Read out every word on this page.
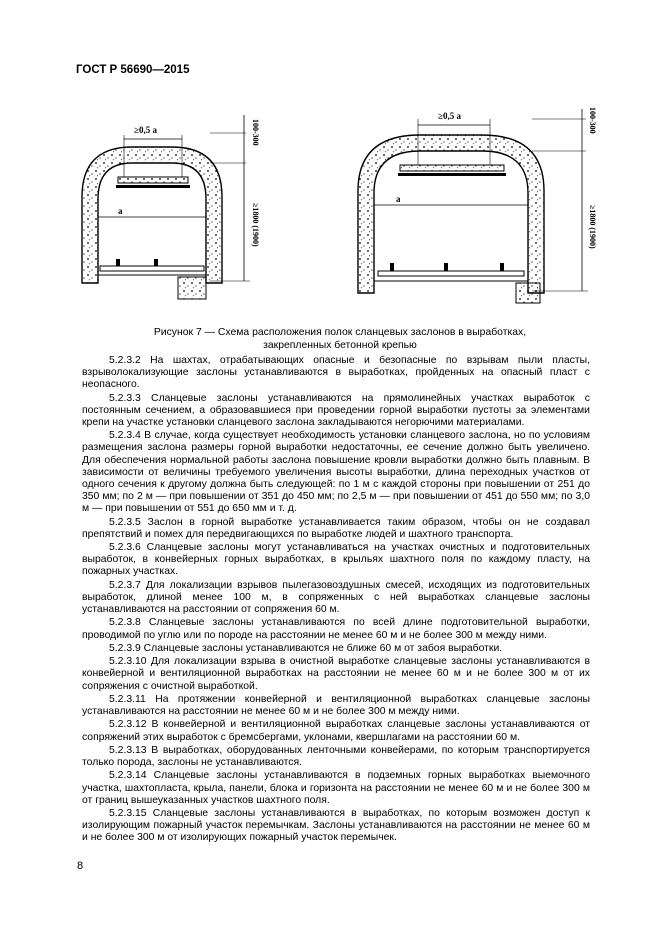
ГОСТ Р 56690—2015
≥0,5 а
а
100-300
≥1800 (1900)
≥0,5 а
а
100-300
≥1800 (1900)
Рисунок 7 — Схема расположения полок сланцевых заслонов в выработках,
закрепленных бетонной крепью

5.2.3.2 На шахтах, отрабатывающих опасные и безопасные по взрывам пыли пласты, взрыволокализующие заслоны устанавливаются в выработках, пройденных на опасный пласт с неопасного.

5.2.3.3 Сланцевые заслоны устанавливаются на прямолинейных участках выработок с постоянным сечением, а образовавшиеся при проведении горной выработки пустоты за элементами крепи на участке установки сланцевого заслона закладываются негорючими материалами.

5.2.3.4 В случае, когда существует необходимость установки сланцевого заслона, но по условиям размещения заслона размеры горной выработки недостаточны, ее сечение должно быть увеличено. Для обеспечения нормальной работы заслона повышение кровли выработки должно быть плавным. В зависимости от величины требуемого увеличения высоты выработки, длина переходных участков от одного сечения к другому должна быть следующей: по 1 м с каждой стороны при повышении от 251 до 350 мм; по 2 м — при повышении от 351 до 450 мм; по 2,5 м — при повышении от 451 до 550 мм; по 3,0 м — при повышении от 551 до 650 мм и т. д.

5.2.3.5 Заслон в горной выработке устанавливается таким образом, чтобы он не создавал препятствий и помех для передвигающихся по выработке людей и шахтного транспорта.

5.2.3.6 Сланцевые заслоны могут устанавливаться на участках очистных и подготовительных выработок, в конвейерных горных выработках, в крыльях шахтного поля по каждому пласту, на пожарных участках.

5.2.3.7 Для локализации взрывов пылегазовоздушных смесей, исходящих из подготовительных выработок, длиной менее 100 м, в сопряженных с ней выработках сланцевые заслоны устанавливаются на расстоянии от сопряжения 60 м.

5.2.3.8 Сланцевые заслоны устанавливаются по всей длине подготовительной выработки, проводимой по углю или по породе на расстоянии не менее 60 м и не более 300 м между ними.

5.2.3.9 Сланцевые заслоны устанавливаются не ближе 60 м от забоя выработки.

5.2.3.10 Для локализации взрыва в очистной выработке сланцевые заслоны устанавливаются в конвейерной и вентиляционной выработках на расстоянии не менее 60 м и не более 300 м от их сопряжения с очистной выработкой.

5.2.3.11 На протяжении конвейерной и вентиляционной выработках сланцевые заслоны устанавливаются на расстоянии не менее 60 м и не более 300 м между ними.

5.2.3.12 В конвейерной и вентиляционной выработках сланцевые заслоны устанавливаются от сопряжений этих выработок с бремсбергами, уклонами, квершлагами на расстоянии 60 м.

5.2.3.13 В выработках, оборудованных ленточными конвейерами, по которым транспортируется только порода, заслоны не устанавливаются.

5.2.3.14 Сланцевые заслоны устанавливаются в подземных горных выработках выемочного участка, шахтопласта, крыла, панели, блока и горизонта на расстоянии не менее 60 м и не более 300 м от границ вышеуказанных участков шахтного поля.

5.2.3.15 Сланцевые заслоны устанавливаются в выработках, по которым возможен доступ к изолирующим пожарный участок перемычкам. Заслоны устанавливаются на расстоянии не менее 60 м и не более 300 м от изолирующих пожарный участок перемычек.

8
